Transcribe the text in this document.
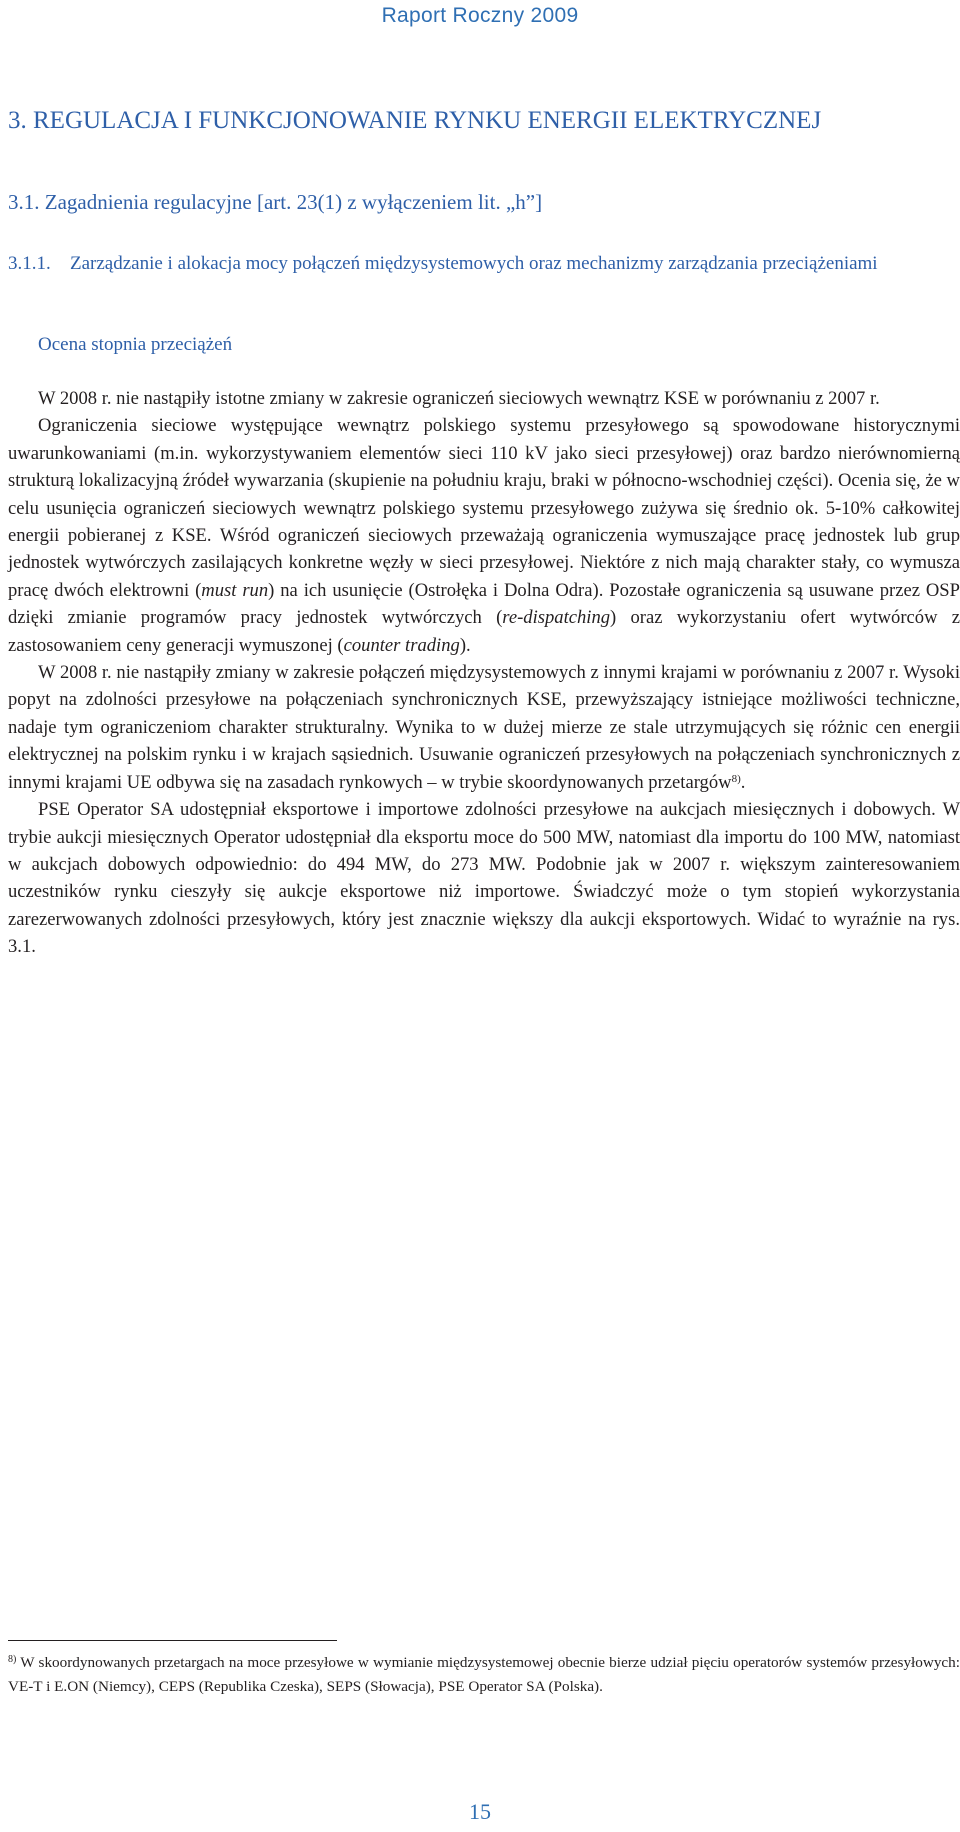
Raport Roczny 2009
3. REGULACJA I FUNKCJONOWANIE RYNKU ENERGII ELEKTRYCZNEJ
3.1. Zagadnienia regulacyjne [art. 23(1) z wyłączeniem lit. „h”]
3.1.1. Zarządzanie i alokacja mocy połączeń międzysystemowych oraz mechanizmy zarządzania przeciążeniami
Ocena stopnia przeciążeń

W 2008 r. nie nastąpiły istotne zmiany w zakresie ograniczeń sieciowych wewnątrz KSE w porównaniu z 2007 r.

Ograniczenia sieciowe występujące wewnątrz polskiego systemu przesyłowego są spowodowane historycznymi uwarunkowaniami (m.in. wykorzystywaniem elementów sieci 110 kV jako sieci przesyłowej) oraz bardzo nierównomierną strukturą lokalizacyjną źródeł wywarzania (skupienie na południu kraju, braki w północno-wschodniej części). Ocenia się, że w celu usunięcia ograniczeń sieciowych wewnątrz polskiego systemu przesyłowego zużywa się średnio ok. 5-10% całkowitej energii pobieranej z KSE. Wśród ograniczeń sieciowych przeważają ograniczenia wymuszające pracę jednostek lub grup jednostek wytwórczych zasilających konkretne węzły w sieci przesyłowej. Niektóre z nich mają charakter stały, co wymusza pracę dwóch elektrowni (must run) na ich usunięcie (Ostrołęka i Dolna Odra). Pozostałe ograniczenia są usuwane przez OSP dzięki zmianie programów pracy jednostek wytwórczych (re-dispatching) oraz wykorzystaniu ofert wytwórców z zastosowaniem ceny generacji wymuszonej (counter trading).

W 2008 r. nie nastąpiły zmiany w zakresie połączeń międzysystemowych z innymi krajami w porównaniu z 2007 r. Wysoki popyt na zdolności przesyłowe na połączeniach synchronicznych KSE, przewyższający istniejące możliwości techniczne, nadaje tym ograniczeniom charakter strukturalny. Wynika to w dużej mierze ze stale utrzymujących się różnic cen energii elektrycznej na polskim rynku i w krajach sąsiednich. Usuwanie ograniczeń przesyłowych na połączeniach synchronicznych z innymi krajami UE odbywa się na zasadach rynkowych – w trybie skoordynowanych przetargów$^{8)}$.

PSE Operator SA udostępniał eksportowe i importowe zdolności przesyłowe na aukcjach miesięcznych i dobowych. W trybie aukcji miesięcznych Operator udostępniał dla eksportu moce do 500 MW, natomiast dla importu do 100 MW, natomiast w aukcjach dobowych odpowiednio: do 494 MW, do 273 MW. Podobnie jak w 2007 r. większym zainteresowaniem uczestników rynku cieszyły się aukcje eksportowe niż importowe. Świadczyć może o tym stopień wykorzystania zarezerwowanych zdolności przesyłowych, który jest znacznie większy dla aukcji eksportowych. Widać to wyraźnie na rys. 3.1.

$^{8)}$ W skoordynowanych przetargach na moce przesyłowe w wymianie międzysystemowej obecnie bierze udział pięciu operatorów systemów przesyłowych: VE-T i E.ON (Niemcy), CEPS (Republika Czeska), SEPS (Słowacja), PSE Operator SA (Polska).

15
